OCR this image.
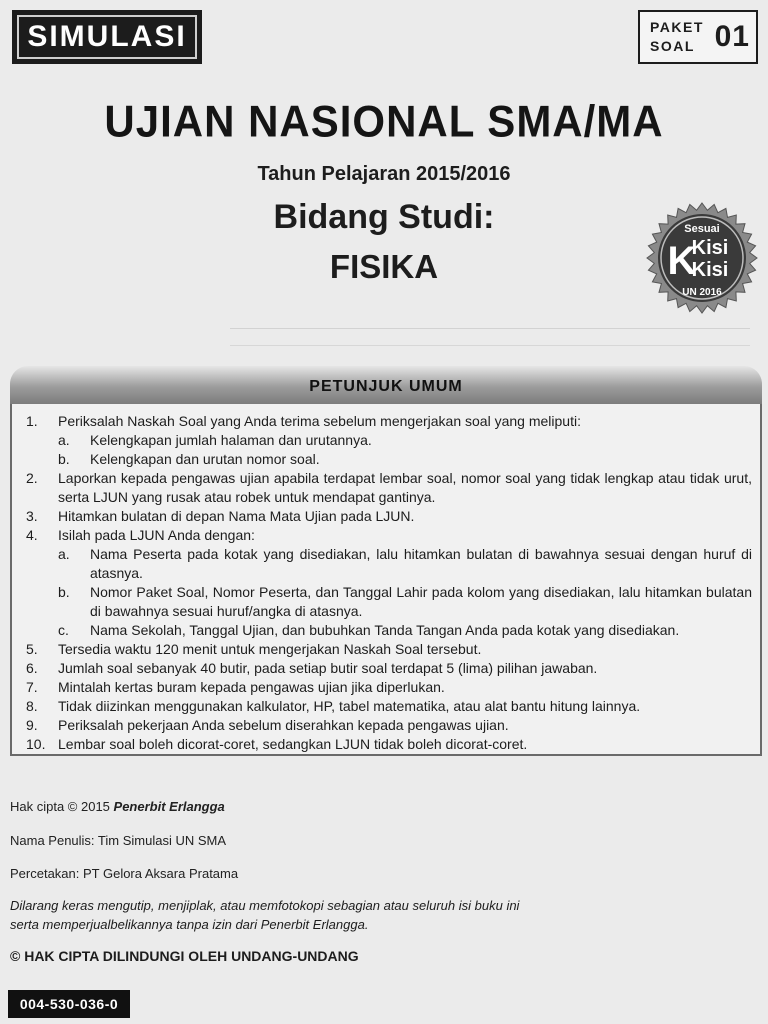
SIMULASI	PAKET
SOAL 01
UJIAN NASIONAL SMA/MA
Tahun Pelajaran 2015/2016
Bidang Studi:
FISIKA
Sesuai
K
Kisi
Kisi
UN 2016
PETUNJUK UMUM
1. Periksalah Naskah Soal yang Anda terima sebelum mengerjakan soal yang meliputi:
a. Kelengkapan jumlah halaman dan urutannya.
b. Kelengkapan dan urutan nomor soal.
2. Laporkan kepada pengawas ujian apabila terdapat lembar soal, nomor soal yang tidak lengkap atau tidak urut, serta LJUN yang rusak atau robek untuk mendapat gantinya.
3. Hitamkan bulatan di depan Nama Mata Ujian pada LJUN.
4. Isilah pada LJUN Anda dengan:
a. Nama Peserta pada kotak yang disediakan, lalu hitamkan bulatan di bawahnya sesuai dengan huruf di atasnya.
b. Nomor Paket Soal, Nomor Peserta, dan Tanggal Lahir pada kolom yang disediakan, lalu hitamkan bulatan di bawahnya sesuai huruf/angka di atasnya.
c. Nama Sekolah, Tanggal Ujian, dan bubuhkan Tanda Tangan Anda pada kotak yang disediakan.
5. Tersedia waktu 120 menit untuk mengerjakan Naskah Soal tersebut.
6. Jumlah soal sebanyak 40 butir, pada setiap butir soal terdapat 5 (lima) pilihan jawaban.
7. Mintalah kertas buram kepada pengawas ujian jika diperlukan.
8. Tidak diizinkan menggunakan kalkulator, HP, tabel matematika, atau alat bantu hitung lainnya.
9. Periksalah pekerjaan Anda sebelum diserahkan kepada pengawas ujian.
10. Lembar soal boleh dicorat-coret, sedangkan LJUN tidak boleh dicorat-coret.
Hak cipta © 2015 Penerbit Erlangga
Nama Penulis: Tim Simulasi UN SMA
Percetakan: PT Gelora Aksara Pratama
Dilarang keras mengutip, menjiplak, atau memfotokopi sebagian atau seluruh isi buku ini serta memperjualbelikannya tanpa izin dari Penerbit Erlangga.
© HAK CIPTA DILINDUNGI OLEH UNDANG-UNDANG
004-530-036-0
